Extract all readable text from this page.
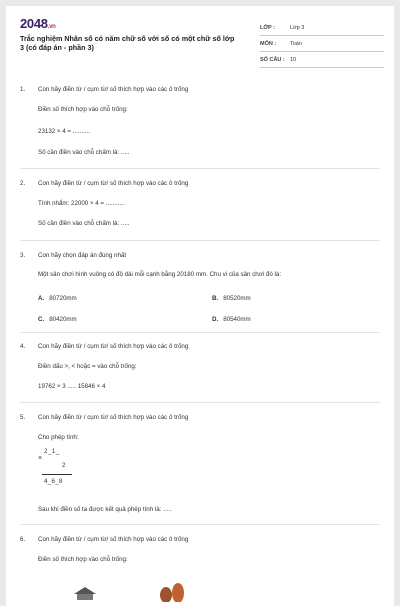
2048.vn
Trắc nghiệm Nhân số có năm chữ số với số có một chữ số lớp 3 (có đáp án - phần 3)
LỚP :	Lớp 3
MÔN :	Toán
SỐ CÂU : 10
1. Con hãy điền từ / cụm từ/ số thích hợp vào các ô trống
Điền số thích hợp vào chỗ trống:
23132 × 4 = ..........
Số cần điền vào chỗ chấm là: .....
2. Con hãy điền từ / cụm từ/ số thích hợp vào các ô trống
Tính nhẩm: 22000 × 4 = ...........
Số cần điền vào chỗ chấm là: .....
3. Con hãy chọn đáp án đúng nhất
Một sân chơi hình vuông có độ dài mỗi cạnh bằng 20180 mm. Chu vi của sân chơi đó là:
A. 80720mm	B. 80520mm
C. 80420mm	D. 80540mm
4. Con hãy điền từ / cụm từ/ số thích hợp vào các ô trống
Điền dấu >, < hoặc = vào chỗ trống:
19762 × 3 ..... 15846 × 4
5. Con hãy điền từ / cụm từ/ số thích hợp vào các ô trống
Cho phép tính:
2_1_
×
2
4_6_8
Sau khi điền số ta được kết quả phép tính là: .....
6. Con hãy điền từ / cụm từ/ số thích hợp vào các ô trống
Điền số thích hợp vào chỗ trống:
